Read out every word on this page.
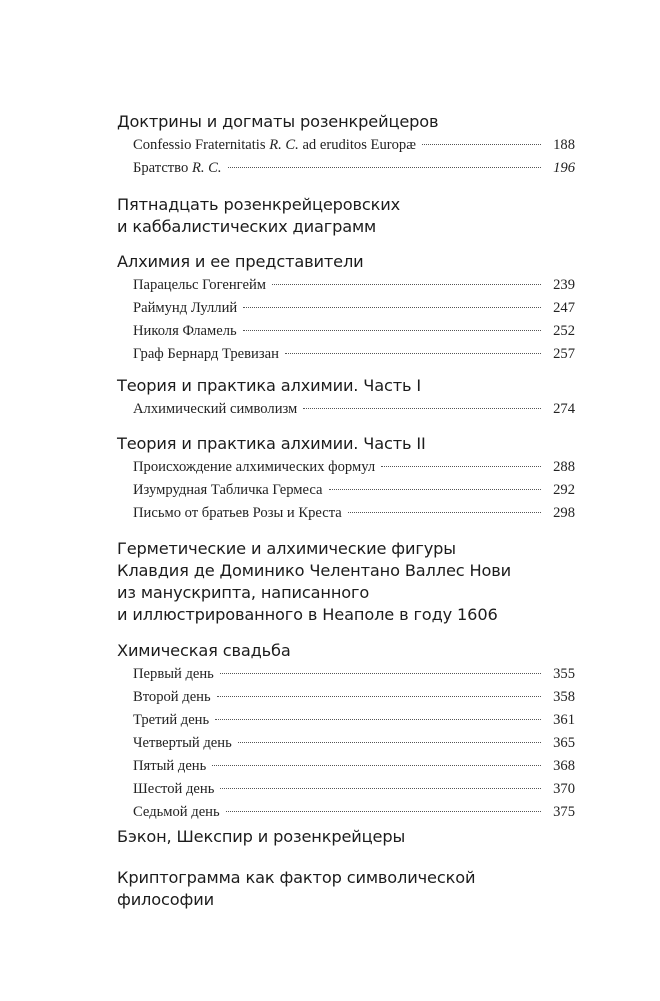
Доктрины и догматы розенкрейцеров
Confessio Fraternitatis R. C. ad eruditos Europæ	188
Братство R. C.	196
Пятнадцать розенкрейцеровских
и каббалистических диаграмм
Алхимия и ее представители
Парацельс Гогенгейм	239
Раймунд Луллий	247
Николя Фламель	252
Граф Бернард Тревизан	257
Теория и практика алхимии. Часть I
Алхимический символизм	274
Теория и практика алхимии. Часть II
Происхождение алхимических формул	288
Изумрудная Табличка Гермеса	292
Письмо от братьев Розы и Креста	298
Герметические и алхимические фигуры
Клавдия де Доминико Челентано Валлес Нови
из манускрипта, написанного
и иллюстрированного в Неаполе в году 1606
Химическая свадьба
Первый день	355
Второй день	358
Третий день	361
Четвертый день	365
Пятый день	368
Шестой день	370
Седьмой день	375
Бэкон, Шекспир и розенкрейцеры
Криптограмма как фактор символической философии
